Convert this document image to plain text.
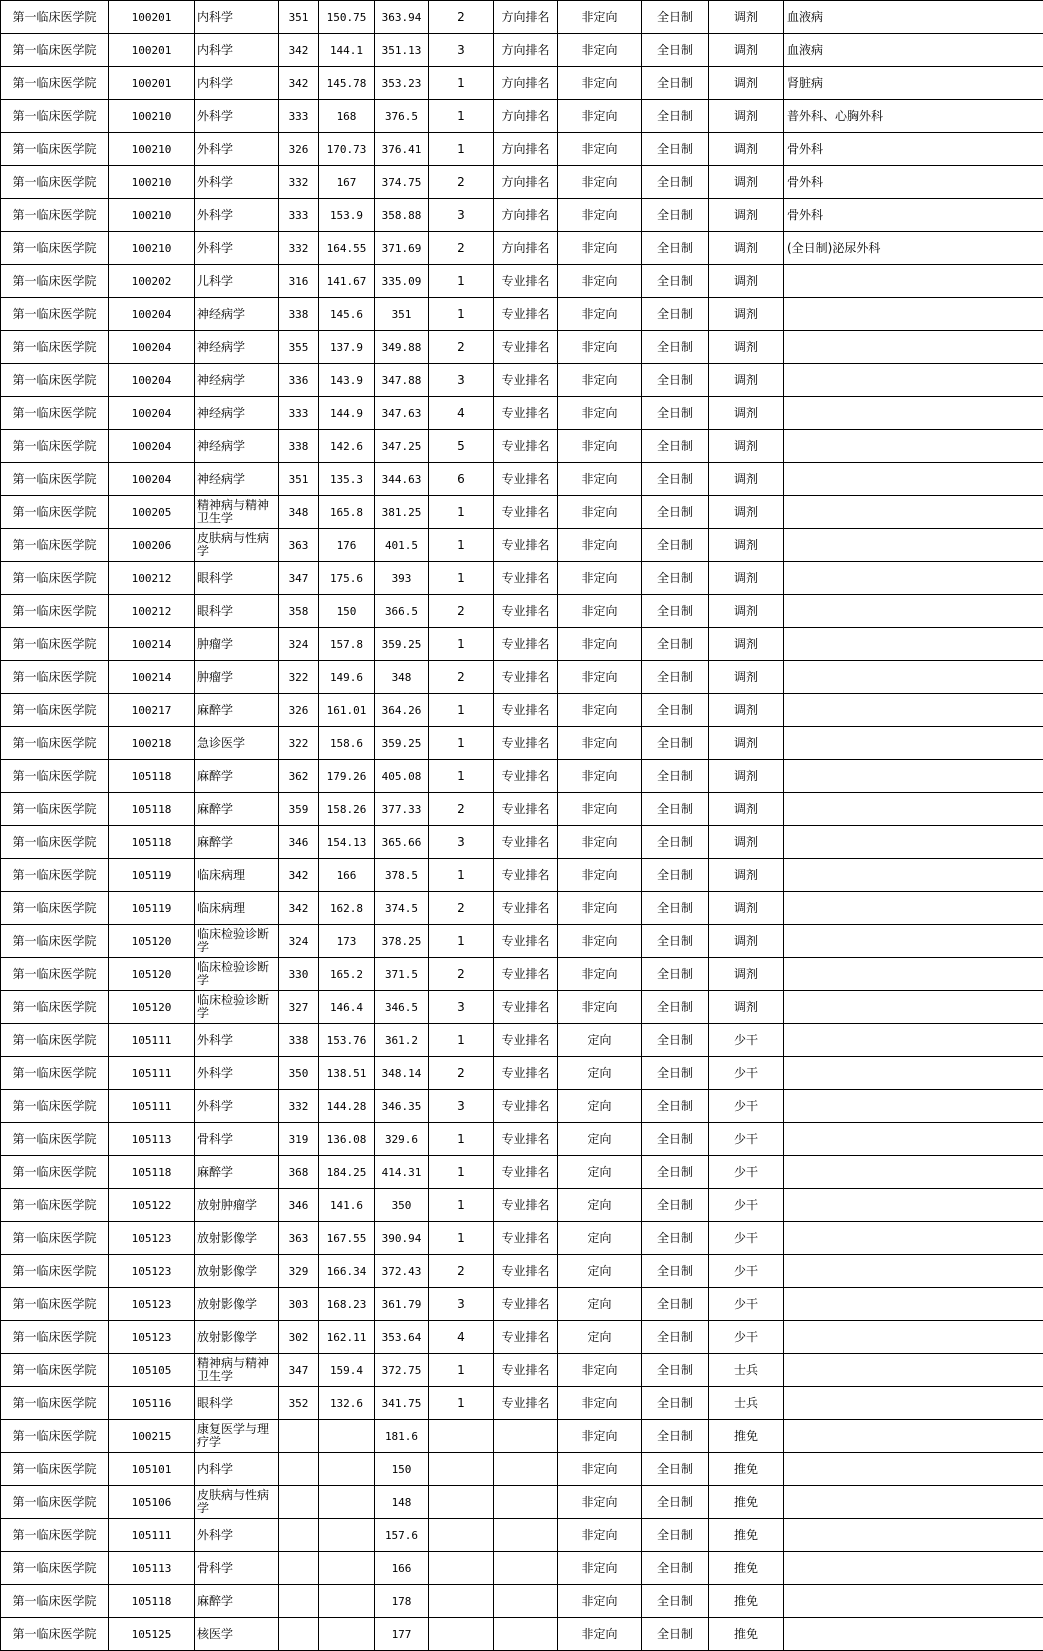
第一临床医学院	100201	内科学	351	150.75	363.94	2	方向排名	非定向	全日制	调剂	血液病
第一临床医学院	100201	内科学	342	144.1	351.13	3	方向排名	非定向	全日制	调剂	血液病
第一临床医学院	100201	内科学	342	145.78	353.23	1	方向排名	非定向	全日制	调剂	肾脏病
第一临床医学院	100210	外科学	333	168	376.5	1	方向排名	非定向	全日制	调剂	普外科、心胸外科
第一临床医学院	100210	外科学	326	170.73	376.41	1	方向排名	非定向	全日制	调剂	骨外科
第一临床医学院	100210	外科学	332	167	374.75	2	方向排名	非定向	全日制	调剂	骨外科
第一临床医学院	100210	外科学	333	153.9	358.88	3	方向排名	非定向	全日制	调剂	骨外科
第一临床医学院	100210	外科学	332	164.55	371.69	2	方向排名	非定向	全日制	调剂	(全日制)泌尿外科
第一临床医学院	100202	儿科学	316	141.67	335.09	1	专业排名	非定向	全日制	调剂	
第一临床医学院	100204	神经病学	338	145.6	351	1	专业排名	非定向	全日制	调剂	
第一临床医学院	100204	神经病学	355	137.9	349.88	2	专业排名	非定向	全日制	调剂	
第一临床医学院	100204	神经病学	336	143.9	347.88	3	专业排名	非定向	全日制	调剂	
第一临床医学院	100204	神经病学	333	144.9	347.63	4	专业排名	非定向	全日制	调剂	
第一临床医学院	100204	神经病学	338	142.6	347.25	5	专业排名	非定向	全日制	调剂	
第一临床医学院	100204	神经病学	351	135.3	344.63	6	专业排名	非定向	全日制	调剂	
第一临床医学院	100205	精神病与精神卫生学	348	165.8	381.25	1	专业排名	非定向	全日制	调剂	
第一临床医学院	100206	皮肤病与性病学	363	176	401.5	1	专业排名	非定向	全日制	调剂	
第一临床医学院	100212	眼科学	347	175.6	393	1	专业排名	非定向	全日制	调剂	
第一临床医学院	100212	眼科学	358	150	366.5	2	专业排名	非定向	全日制	调剂	
第一临床医学院	100214	肿瘤学	324	157.8	359.25	1	专业排名	非定向	全日制	调剂	
第一临床医学院	100214	肿瘤学	322	149.6	348	2	专业排名	非定向	全日制	调剂	
第一临床医学院	100217	麻醉学	326	161.01	364.26	1	专业排名	非定向	全日制	调剂	
第一临床医学院	100218	急诊医学	322	158.6	359.25	1	专业排名	非定向	全日制	调剂	
第一临床医学院	105118	麻醉学	362	179.26	405.08	1	专业排名	非定向	全日制	调剂	
第一临床医学院	105118	麻醉学	359	158.26	377.33	2	专业排名	非定向	全日制	调剂	
第一临床医学院	105118	麻醉学	346	154.13	365.66	3	专业排名	非定向	全日制	调剂	
第一临床医学院	105119	临床病理	342	166	378.5	1	专业排名	非定向	全日制	调剂	
第一临床医学院	105119	临床病理	342	162.8	374.5	2	专业排名	非定向	全日制	调剂	
第一临床医学院	105120	临床检验诊断学	324	173	378.25	1	专业排名	非定向	全日制	调剂	
第一临床医学院	105120	临床检验诊断学	330	165.2	371.5	2	专业排名	非定向	全日制	调剂	
第一临床医学院	105120	临床检验诊断学	327	146.4	346.5	3	专业排名	非定向	全日制	调剂	
第一临床医学院	105111	外科学	338	153.76	361.2	1	专业排名	定向	全日制	少干	
第一临床医学院	105111	外科学	350	138.51	348.14	2	专业排名	定向	全日制	少干	
第一临床医学院	105111	外科学	332	144.28	346.35	3	专业排名	定向	全日制	少干	
第一临床医学院	105113	骨科学	319	136.08	329.6	1	专业排名	定向	全日制	少干	
第一临床医学院	105118	麻醉学	368	184.25	414.31	1	专业排名	定向	全日制	少干	
第一临床医学院	105122	放射肿瘤学	346	141.6	350	1	专业排名	定向	全日制	少干	
第一临床医学院	105123	放射影像学	363	167.55	390.94	1	专业排名	定向	全日制	少干	
第一临床医学院	105123	放射影像学	329	166.34	372.43	2	专业排名	定向	全日制	少干	
第一临床医学院	105123	放射影像学	303	168.23	361.79	3	专业排名	定向	全日制	少干	
第一临床医学院	105123	放射影像学	302	162.11	353.64	4	专业排名	定向	全日制	少干	
第一临床医学院	105105	精神病与精神卫生学	347	159.4	372.75	1	专业排名	非定向	全日制	士兵	
第一临床医学院	105116	眼科学	352	132.6	341.75	1	专业排名	非定向	全日制	士兵	
第一临床医学院	100215	康复医学与理疗学			181.6			非定向	全日制	推免	
第一临床医学院	105101	内科学			150			非定向	全日制	推免	
第一临床医学院	105106	皮肤病与性病学			148			非定向	全日制	推免	
第一临床医学院	105111	外科学			157.6			非定向	全日制	推免	
第一临床医学院	105113	骨科学			166			非定向	全日制	推免	
第一临床医学院	105118	麻醉学			178			非定向	全日制	推免	
第一临床医学院	105125	核医学			177			非定向	全日制	推免	
